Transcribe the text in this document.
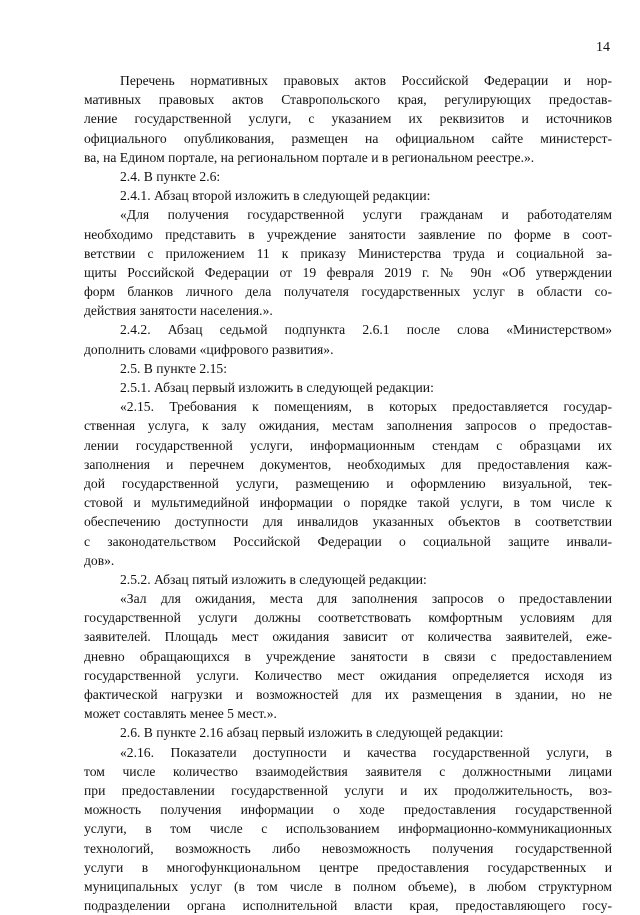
14
Перечень нормативных правовых актов Российской Федерации и нор-
мативных правовых актов Ставропольского края, регулирующих предостав-
ление государственной услуги, с указанием их реквизитов и источников
официального опубликования, размещен на официальном сайте министерст-
ва, на Едином портале, на региональном портале и в региональном реестре.».
2.4. В пункте 2.6:
2.4.1. Абзац второй изложить в следующей редакции:
«Для получения государственной услуги гражданам и работодателям
необходимо представить в учреждение занятости заявление по форме в соот-
ветствии с приложением 11 к приказу Министерства труда и социальной за-
щиты Российской Федерации от 19 февраля 2019 г. № 90н «Об утверждении
форм бланков личного дела получателя государственных услуг в области со-
действия занятости населения.».
2.4.2. Абзац седьмой подпункта 2.6.1 после слова «Министерством»
дополнить словами «цифрового развития».
2.5. В пункте 2.15:
2.5.1. Абзац первый изложить в следующей редакции:
«2.15. Требования к помещениям, в которых предоставляется государ-
ственная услуга, к залу ожидания, местам заполнения запросов о предостав-
лении государственной услуги, информационным стендам с образцами их
заполнения и перечнем документов, необходимых для предоставления каж-
дой государственной услуги, размещению и оформлению визуальной, тек-
стовой и мультимедийной информации о порядке такой услуги, в том числе к
обеспечению доступности для инвалидов указанных объектов в соответствии
с законодательством Российской Федерации о социальной защите инвали-
дов».
2.5.2. Абзац пятый изложить в следующей редакции:
«Зал для ожидания, места для заполнения запросов о предоставлении
государственной услуги должны соответствовать комфортным условиям для
заявителей. Площадь мест ожидания зависит от количества заявителей, еже-
дневно обращающихся в учреждение занятости в связи с предоставлением
государственной услуги. Количество мест ожидания определяется исходя из
фактической нагрузки и возможностей для их размещения в здании, но не
может составлять менее 5 мест.».
2.6. В пункте 2.16 абзац первый изложить в следующей редакции:
«2.16. Показатели доступности и качества государственной услуги, в
том числе количество взаимодействия заявителя с должностными лицами
при предоставлении государственной услуги и их продолжительность, воз-
можность получения информации о ходе предоставления государственной
услуги, в том числе с использованием информационно-коммуникационных
технологий, возможность либо невозможность получения государственной
услуги в многофункциональном центре предоставления государственных и
муниципальных услуг (в том числе в полном объеме), в любом структурном
подразделении органа исполнительной власти края, предоставляющего госу-
